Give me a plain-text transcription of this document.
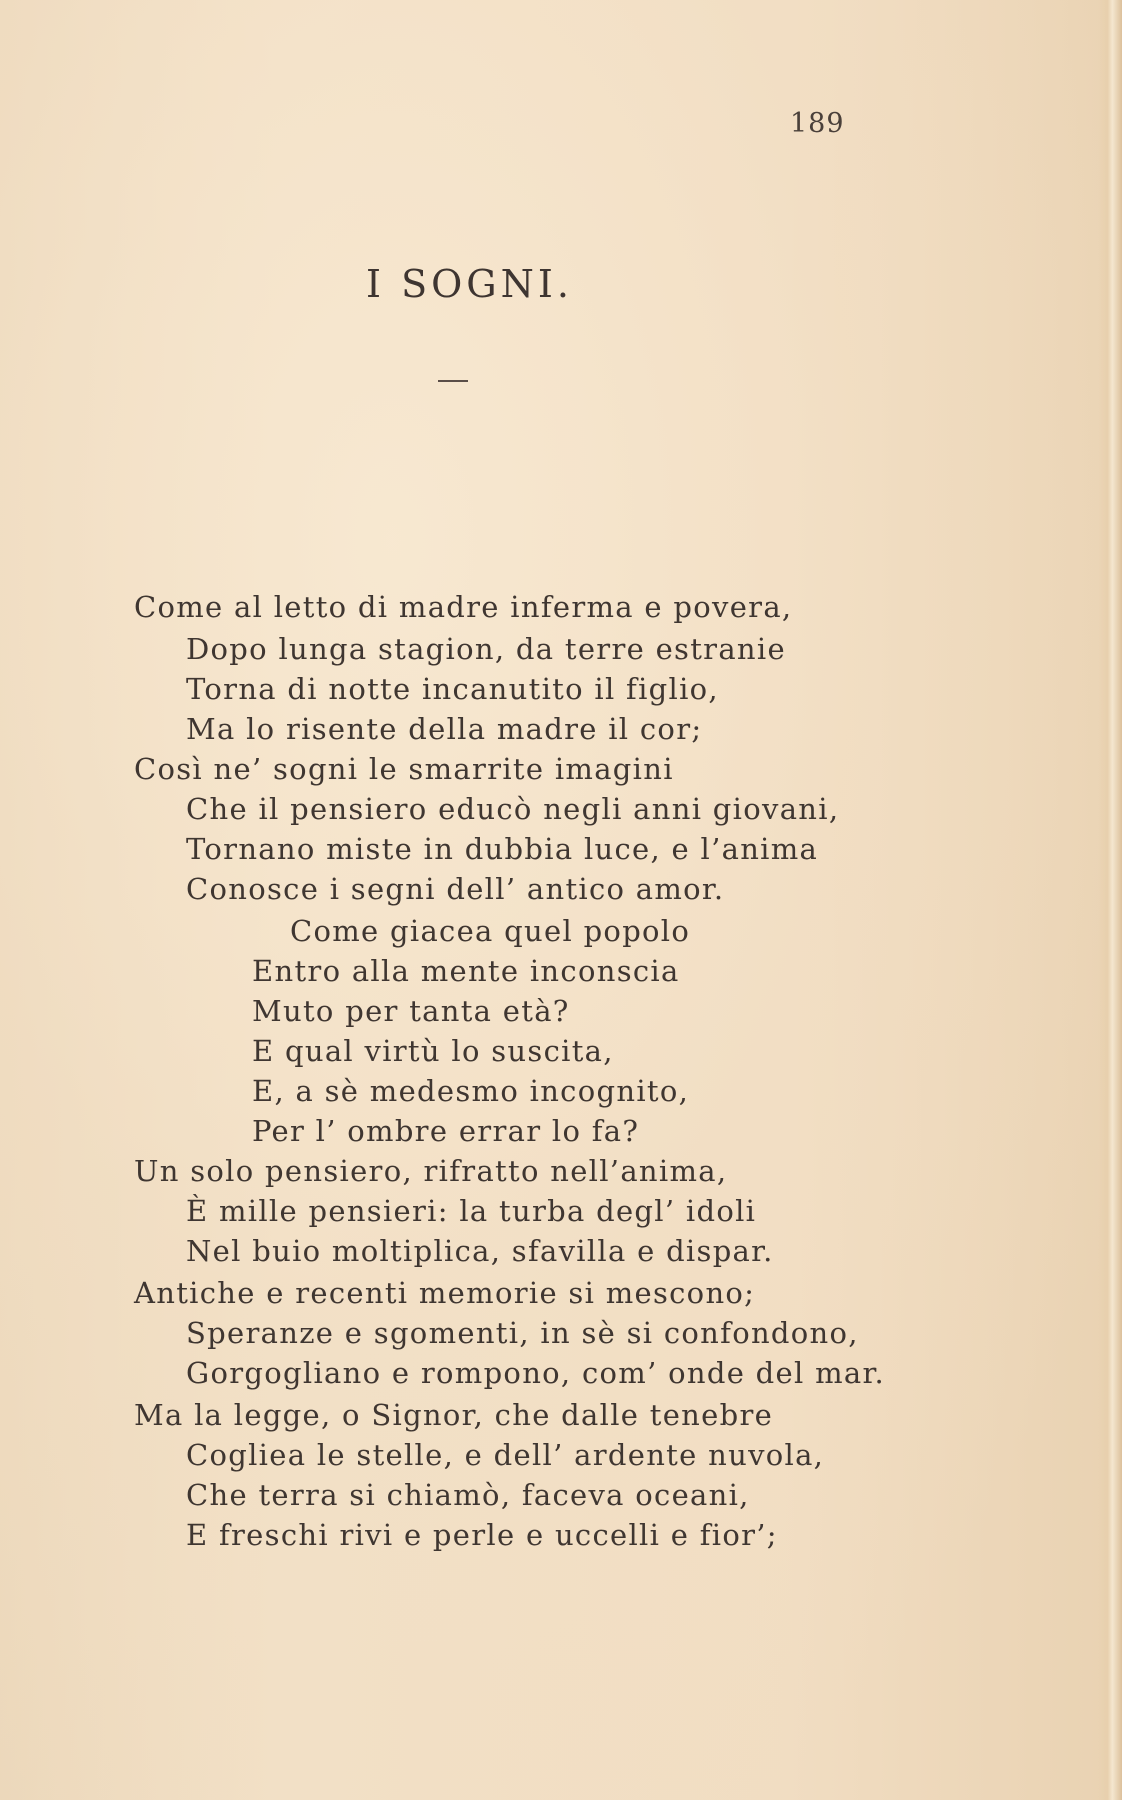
189
I SOGNI.
Come al letto di madre inferma e povera,
Dopo lunga stagion, da terre estranie
Torna di notte incanutito il figlio,
Ma lo risente della madre il cor;
Così ne’ sogni le smarrite imagini
Che il pensiero educò negli anni giovani,
Tornano miste in dubbia luce, e l’anima
Conosce i segni dell’ antico amor.
Come giacea quel popolo
Entro alla mente inconscia
Muto per tanta età?
E qual virtù lo suscita,
E, a sè medesmo incognito,
Per l’ ombre errar lo fa?
Un solo pensiero, rifratto nell’anima,
È mille pensieri: la turba degl’ idoli
Nel buio moltiplica, sfavilla e dispar.
Antiche e recenti memorie si mescono;
Speranze e sgomenti, in sè si confondono,
Gorgogliano e rompono, com’ onde del mar.
Ma la legge, o Signor, che dalle tenebre
Cogliea le stelle, e dell’ ardente nuvola,
Che terra si chiamò, faceva oceani,
E freschi rivi e perle e uccelli e fior’;
